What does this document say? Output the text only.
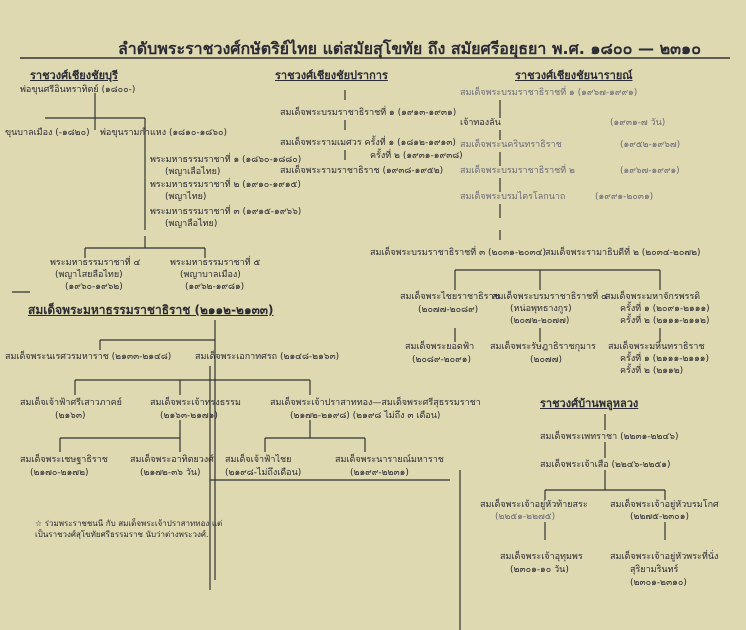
ลำดับพระราชวงศ์กษัตริย์ไทย แต่สมัยสุโขทัย ถึง สมัยศรีอยุธยา พ.ศ. ๑๘๐๐ — ๒๓๑๐
ราชวงศ์เชียงชัยบุรี
พ่อขุนศรีอินทราทิตย์ (๑๘๐๐-)
ขุนบาลเมือง (-๑๘๒๐) พ่อขุนรามกำแหง (๑๘๑๐-๑๘๖๐)
พระมหาธรรมราชาที่ ๑ (๑๘๖๐-๑๘๘๐)
(พญาเลือไทย)
พระมหาธรรมราชาที่ ๒ (๑๙๑๐-๑๙๑๕)
(พญาไทย)
พระมหาธรรมราชาที่ ๓ (๑๙๑๕-๑๙๖๖)
(พญาลือไทย)
พระมหาธรรมราชาที่ ๔
(พญาไสยลือไทย)
(๑๙๖๐-๑๙๖๒)
พระมหาธรรมราชาที่ ๕
(พญาบาลเมือง)
(๑๙๖๒-๑๙๘๑)
ราชวงศ์เชียงชัยปราการ
สมเด็จพระบรมราชาธิราชที่ ๑ (๑๙๑๓-๑๙๓๑)
สมเด็จพระรามเมศวร ครั้งที่ ๑ (๑๘๑๒-๑๙๑๓)
ครั้งที่ ๒ (๑๙๓๑-๑๙๓๘)
สมเด็จพระรามราชาธิราช (๑๙๓๘-๑๙๕๒)
ราชวงศ์เชียงชัยนารายณ์
สมเด็จพระบรมราชาธิราชที่ ๑ (๑๙๖๗-๑๙๙๑)
เจ้าทองลัน	(๑๙๓๑-๗ วัน)
สมเด็จพระนครินทราธิราช	(๑๙๕๒-๑๙๖๗)
สมเด็จพระบรมราชาธิราชที่ ๒	(๑๙๖๗-๑๙๙๑)
สมเด็จพระบรมไตรโลกนาถ	(๑๙๙๑-๒๐๓๑)
สมเด็จพระบรมราชาธิราชที่ ๓ (๒๐๓๑-๒๐๓๔) สมเด็จพระรามาธิบดีที่ ๒ (๒๐๓๔-๒๐๗๒)
สมเด็จพระไชยราชาธิราช
(๒๐๗๗-๒๐๘๙)
สมเด็จพระยอดฟ้า
(๒๐๘๙-๒๐๙๑)
สมเด็จพระบรมราชาธิราชที่ ๔
(หน่อพุทธางกูร)
(๒๐๗๒-๒๐๗๗)
สมเด็จพระรัษฎาธิราชกุมาร
(๒๐๗๗)
สมเด็จพระมหาจักรพรรดิ
ครั้งที่ ๑ (๒๐๙๑-๒๑๑๑)
ครั้งที่ ๒ (๒๑๑๑-๒๑๑๒)
สมเด็จพระมหินทราธิราช
ครั้งที่ ๑ (๒๑๑๑-๒๑๑๑)
ครั้งที่ ๒ (๒๑๑๒)
สมเด็จพระมหาธรรมราชาธิราช (๒๑๑๒-๒๑๓๓)
สมเด็จพระนเรศวรมหาราช (๒๑๓๓-๒๑๔๘)	สมเด็จพระเอกาทศรถ (๒๑๔๘-๒๑๖๓)
สมเด็จเจ้าฟ้าศรีเสาวภาคย์
(๒๑๖๓)
สมเด็จพระเจ้าทรงธรรม
(๒๑๖๓-๒๑๗๑)
สมเด็จพระเจ้าปราสาททอง—สมเด็จพระศรีสุธรรมราชา
(๒๑๗๒-๒๑๙๘) (๒๑๙๘ ไม่ถึง ๓ เดือน)
สมเด็จพระเชษฐาธิราช
(๒๑๗๐-๒๑๗๒)
สมเด็จพระอาทิตยวงศ์
(๒๑๗๒-๓๖ วัน)
สมเด็จเจ้าฟ้าไชย
(๒๑๙๘-ไม่ถึงเดือน)
สมเด็จพระนารายณ์มหาราช
(๒๑๙๙-๒๒๓๑)
☆ ร่วมพระราชชนนี กับ สมเด็จพระเจ้าปราสาททอง แต่เป็นราชวงศ์สุโขทัยศรีธรรมราช นับว่าต่างพระวงศ์.
ราชวงศ์บ้านพลูหลวง
สมเด็จพระเพทราชา (๒๒๓๑-๒๒๔๖)
สมเด็จพระเจ้าเสือ (๒๒๔๖-๒๒๕๑)
สมเด็จพระเจ้าอยู่หัวท้ายสระ
(๒๒๕๑-๒๒๗๕)
สมเด็จพระเจ้าอยู่หัวบรมโกศ
(๒๒๗๕-๒๓๐๑)
สมเด็จพระเจ้าอุทุมพร
(๒๓๐๑-๑๐ วัน)
สมเด็จพระเจ้าอยู่หัวพระที่นั่ง
สุริยามรินทร์
(๒๓๐๑-๒๓๑๐)
